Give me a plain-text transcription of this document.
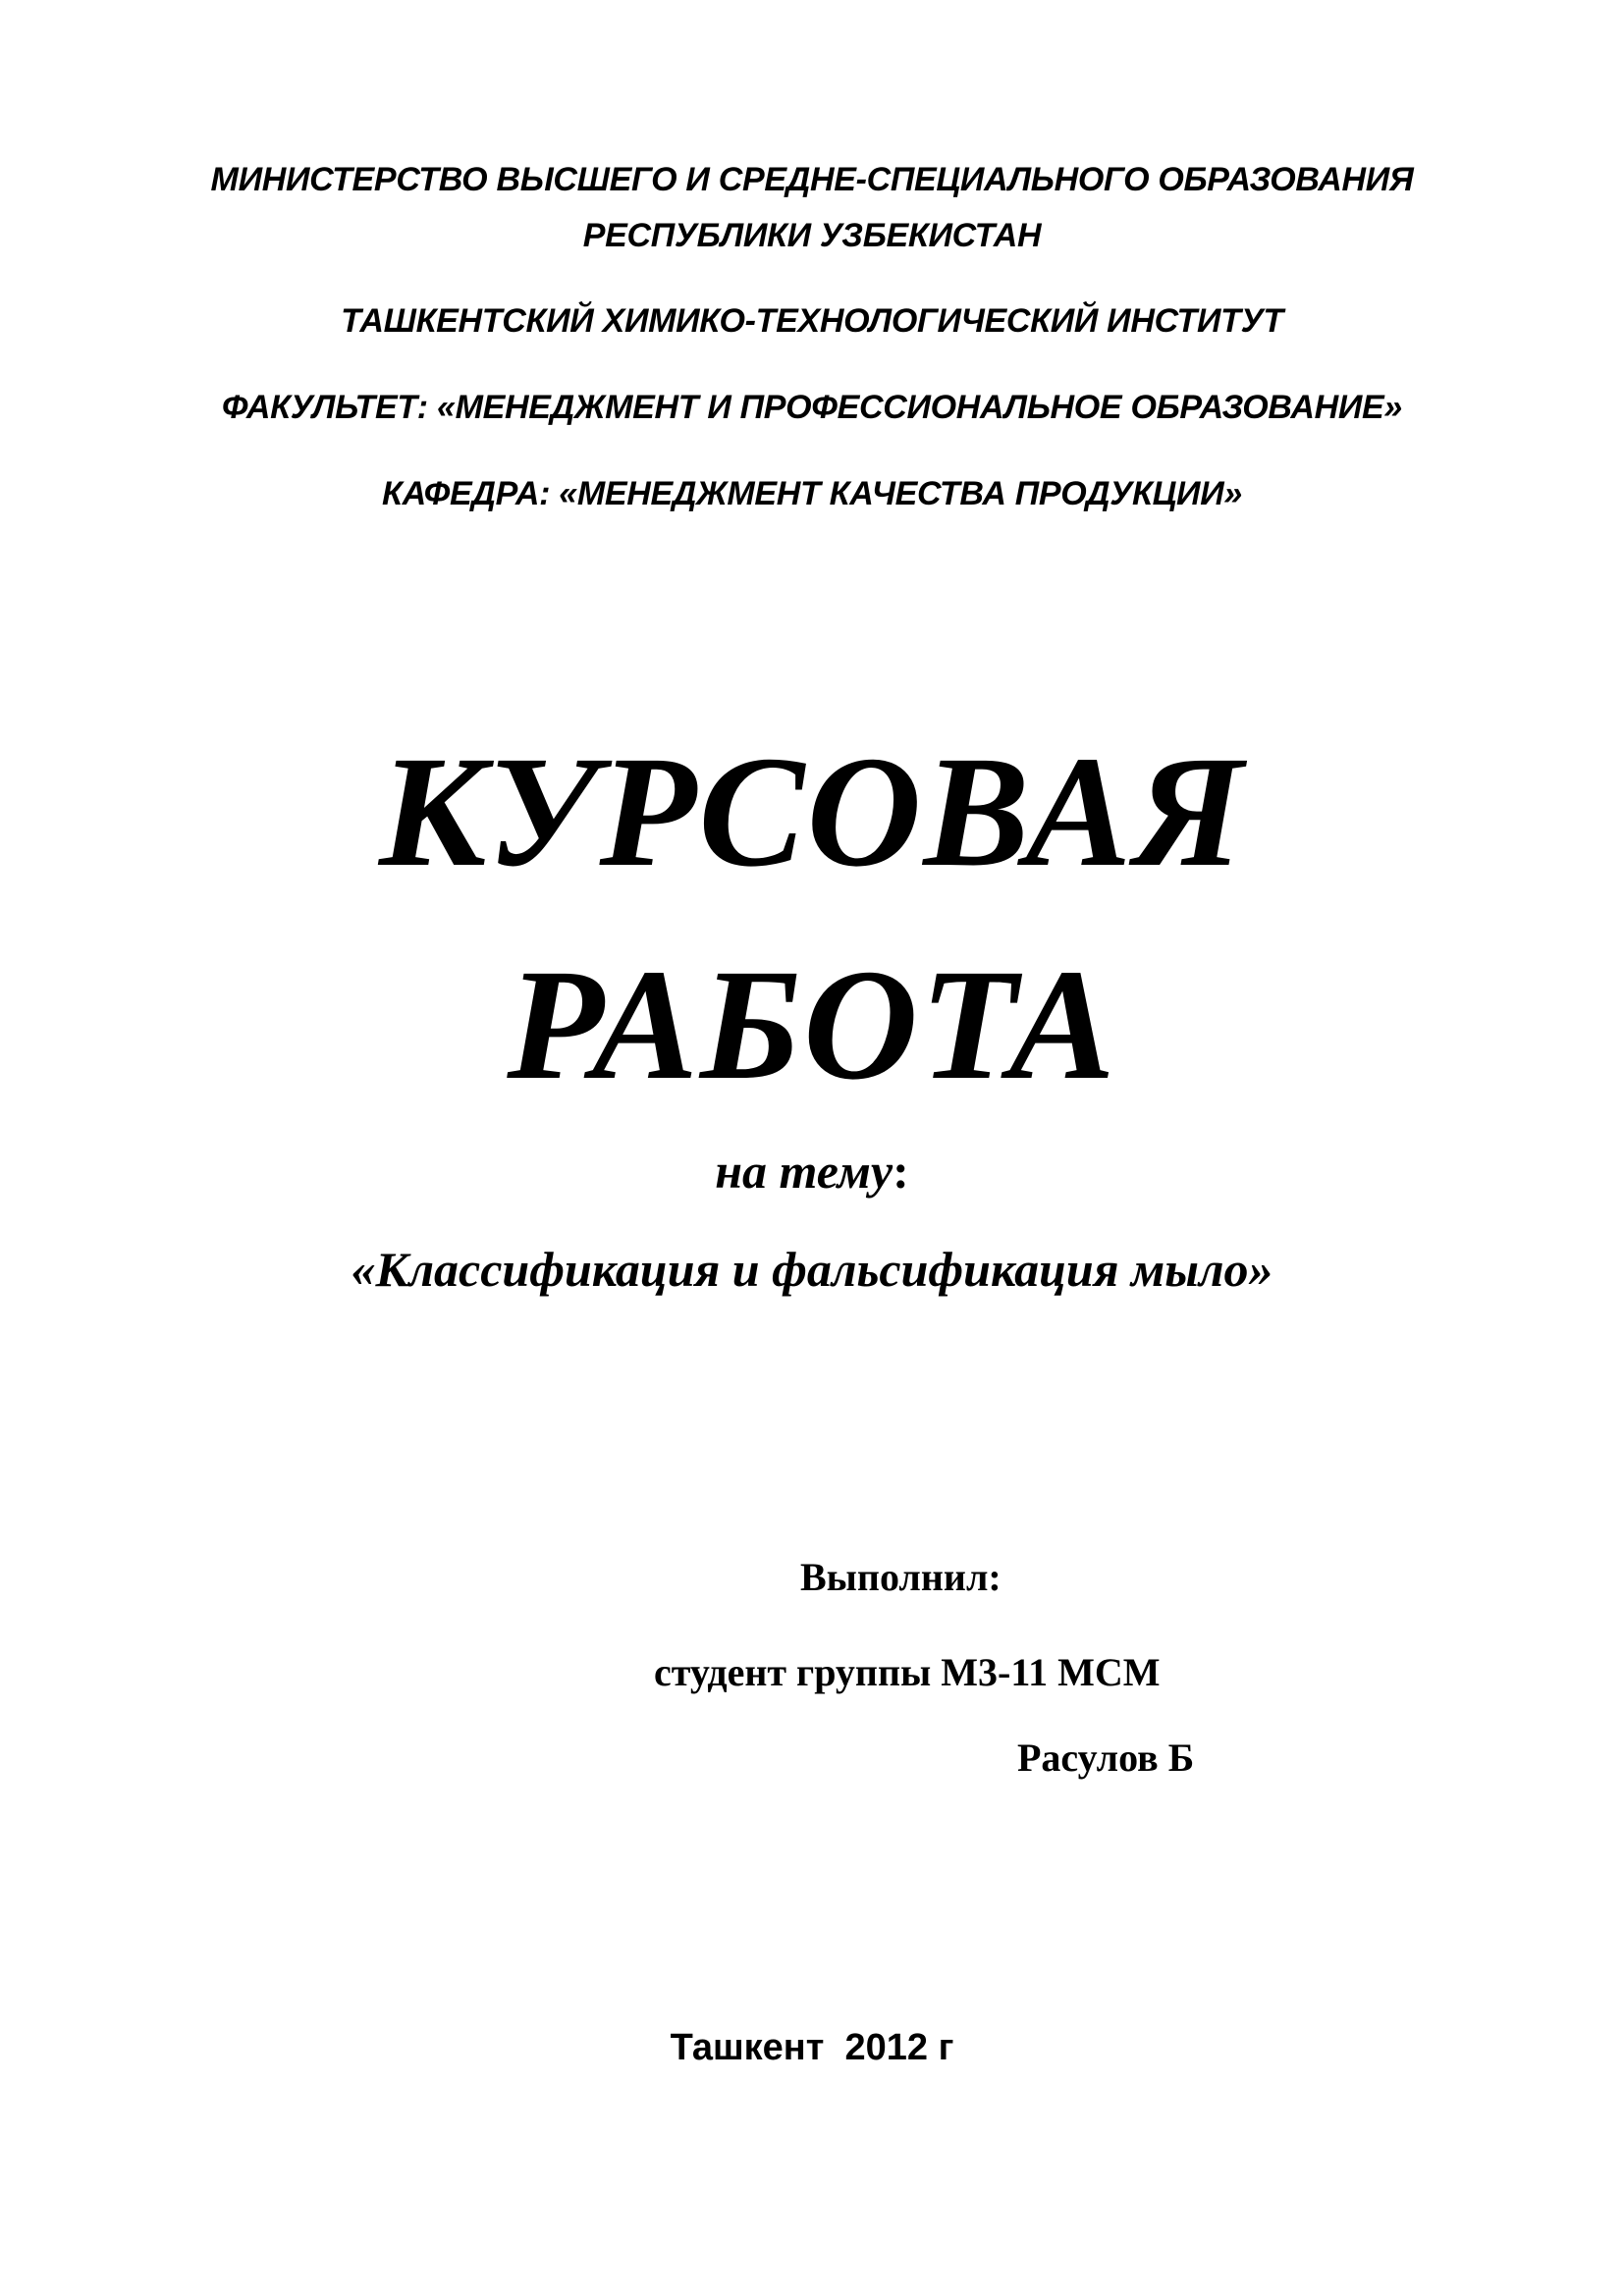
МИНИСТЕРСТВО ВЫСШЕГО И СРЕДНЕ-СПЕЦИАЛЬНОГО ОБРАЗОВАНИЯ
РЕСПУБЛИКИ УЗБЕКИСТАН
ТАШКЕНТСКИЙ ХИМИКО-ТЕХНОЛОГИЧЕСКИЙ ИНСТИТУТ
ФАКУЛЬТЕТ: «МЕНЕДЖМЕНТ И ПРОФЕССИОНАЛЬНОЕ ОБРАЗОВАНИЕ»
КАФЕДРА: «МЕНЕДЖМЕНТ КАЧЕСТВА ПРОДУКЦИИ»
КУРСОВАЯ
РАБОТА
на тему:
«Классификация и фальсификация мыло»
Выполнил:
студент группы М3-11 МСМ
Расулов Б
Ташкент  2012 г
